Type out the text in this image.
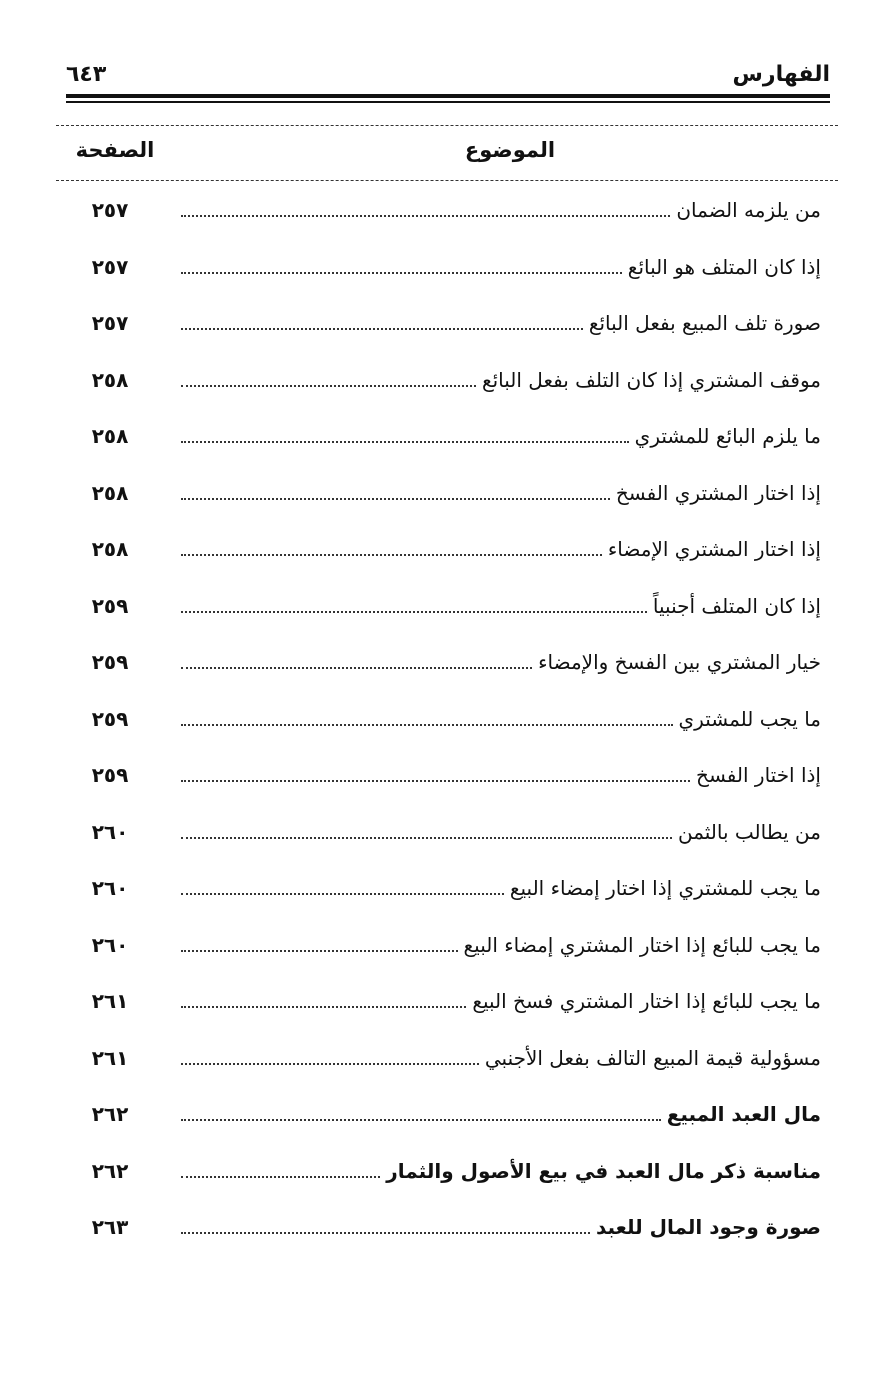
الفهارس
٦٤٣
الموضوع
الصفحة
من يلزمه الضمان
٢٥٧
إذا كان المتلف هو البائع
٢٥٧
صورة تلف المبيع بفعل البائع
٢٥٧
موقف المشتري إذا كان التلف بفعل البائع
٢٥٨
ما يلزم البائع للمشتري
٢٥٨
إذا اختار المشتري الفسخ
٢٥٨
إذا اختار المشتري الإمضاء
٢٥٨
إذا كان المتلف أجنبياً
٢٥٩
خيار المشتري بين الفسخ والإمضاء
٢٥٩
ما يجب للمشتري
٢٥٩
إذا اختار الفسخ
٢٥٩
من يطالب بالثمن
٢٦٠
ما يجب للمشتري إذا اختار إمضاء البيع
٢٦٠
ما يجب للبائع إذا اختار المشتري إمضاء البيع
٢٦٠
ما يجب للبائع إذا اختار المشتري فسخ البيع
٢٦١
مسؤولية قيمة المبيع التالف بفعل الأجنبي
٢٦١
مال العبد المبيع
٢٦٢
مناسبة ذكر مال العبد في بيع الأصول والثمار
٢٦٢
صورة وجود المال للعبد
٢٦٣
